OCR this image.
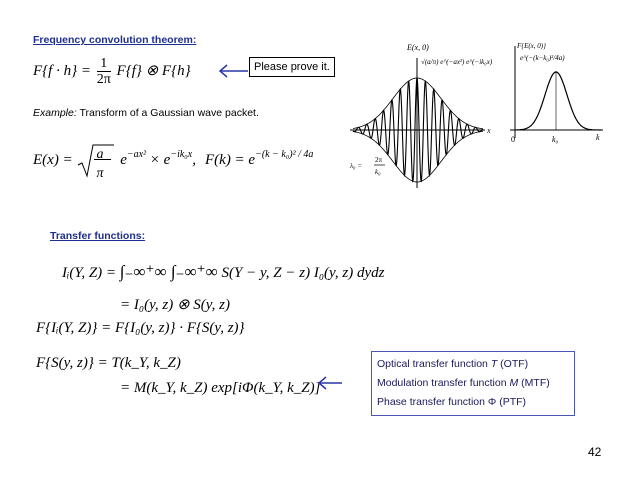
Frequency convolution theorem:
$F\{f \cdot h\} = \frac{1}{2\pi} F\{f\}$ ⊗ F{h}	Please prove it.
Example: Transform of a Gaussian wave packet.
E(x) = a
π
$e^{-ax^2} \times e^{-ik_0x}$, $F(k) = e^{-(k - k_0)^2 / 4a}$
x
E(x, 0)
√(a/π) e^(−ax²) e^(−ik₀x)
λ₀ =
2π
k₀
0	k₀	k
F{E(x, 0)}
e^(−(k−k₀)²/4a)
Transfer functions:
Iᵢ(Y, Z) = ∫₋∞⁺∞ ∫₋∞⁺∞ S(Y − y, Z − z) I₀(y, z) dydz
= I₀(y, z) ⊗ S(y, z)
F{Iᵢ(Y, Z)} = F{I₀(y, z)} · F{S(y, z)}
F{S(y, z)} = T(k_Y, k_Z)
= M(k_Y, k_Z) exp[iΦ(k_Y, k_Z)]
Optical transfer function T (OTF)
Modulation transfer function M (MTF)
Phase transfer function Φ (PTF)
42
